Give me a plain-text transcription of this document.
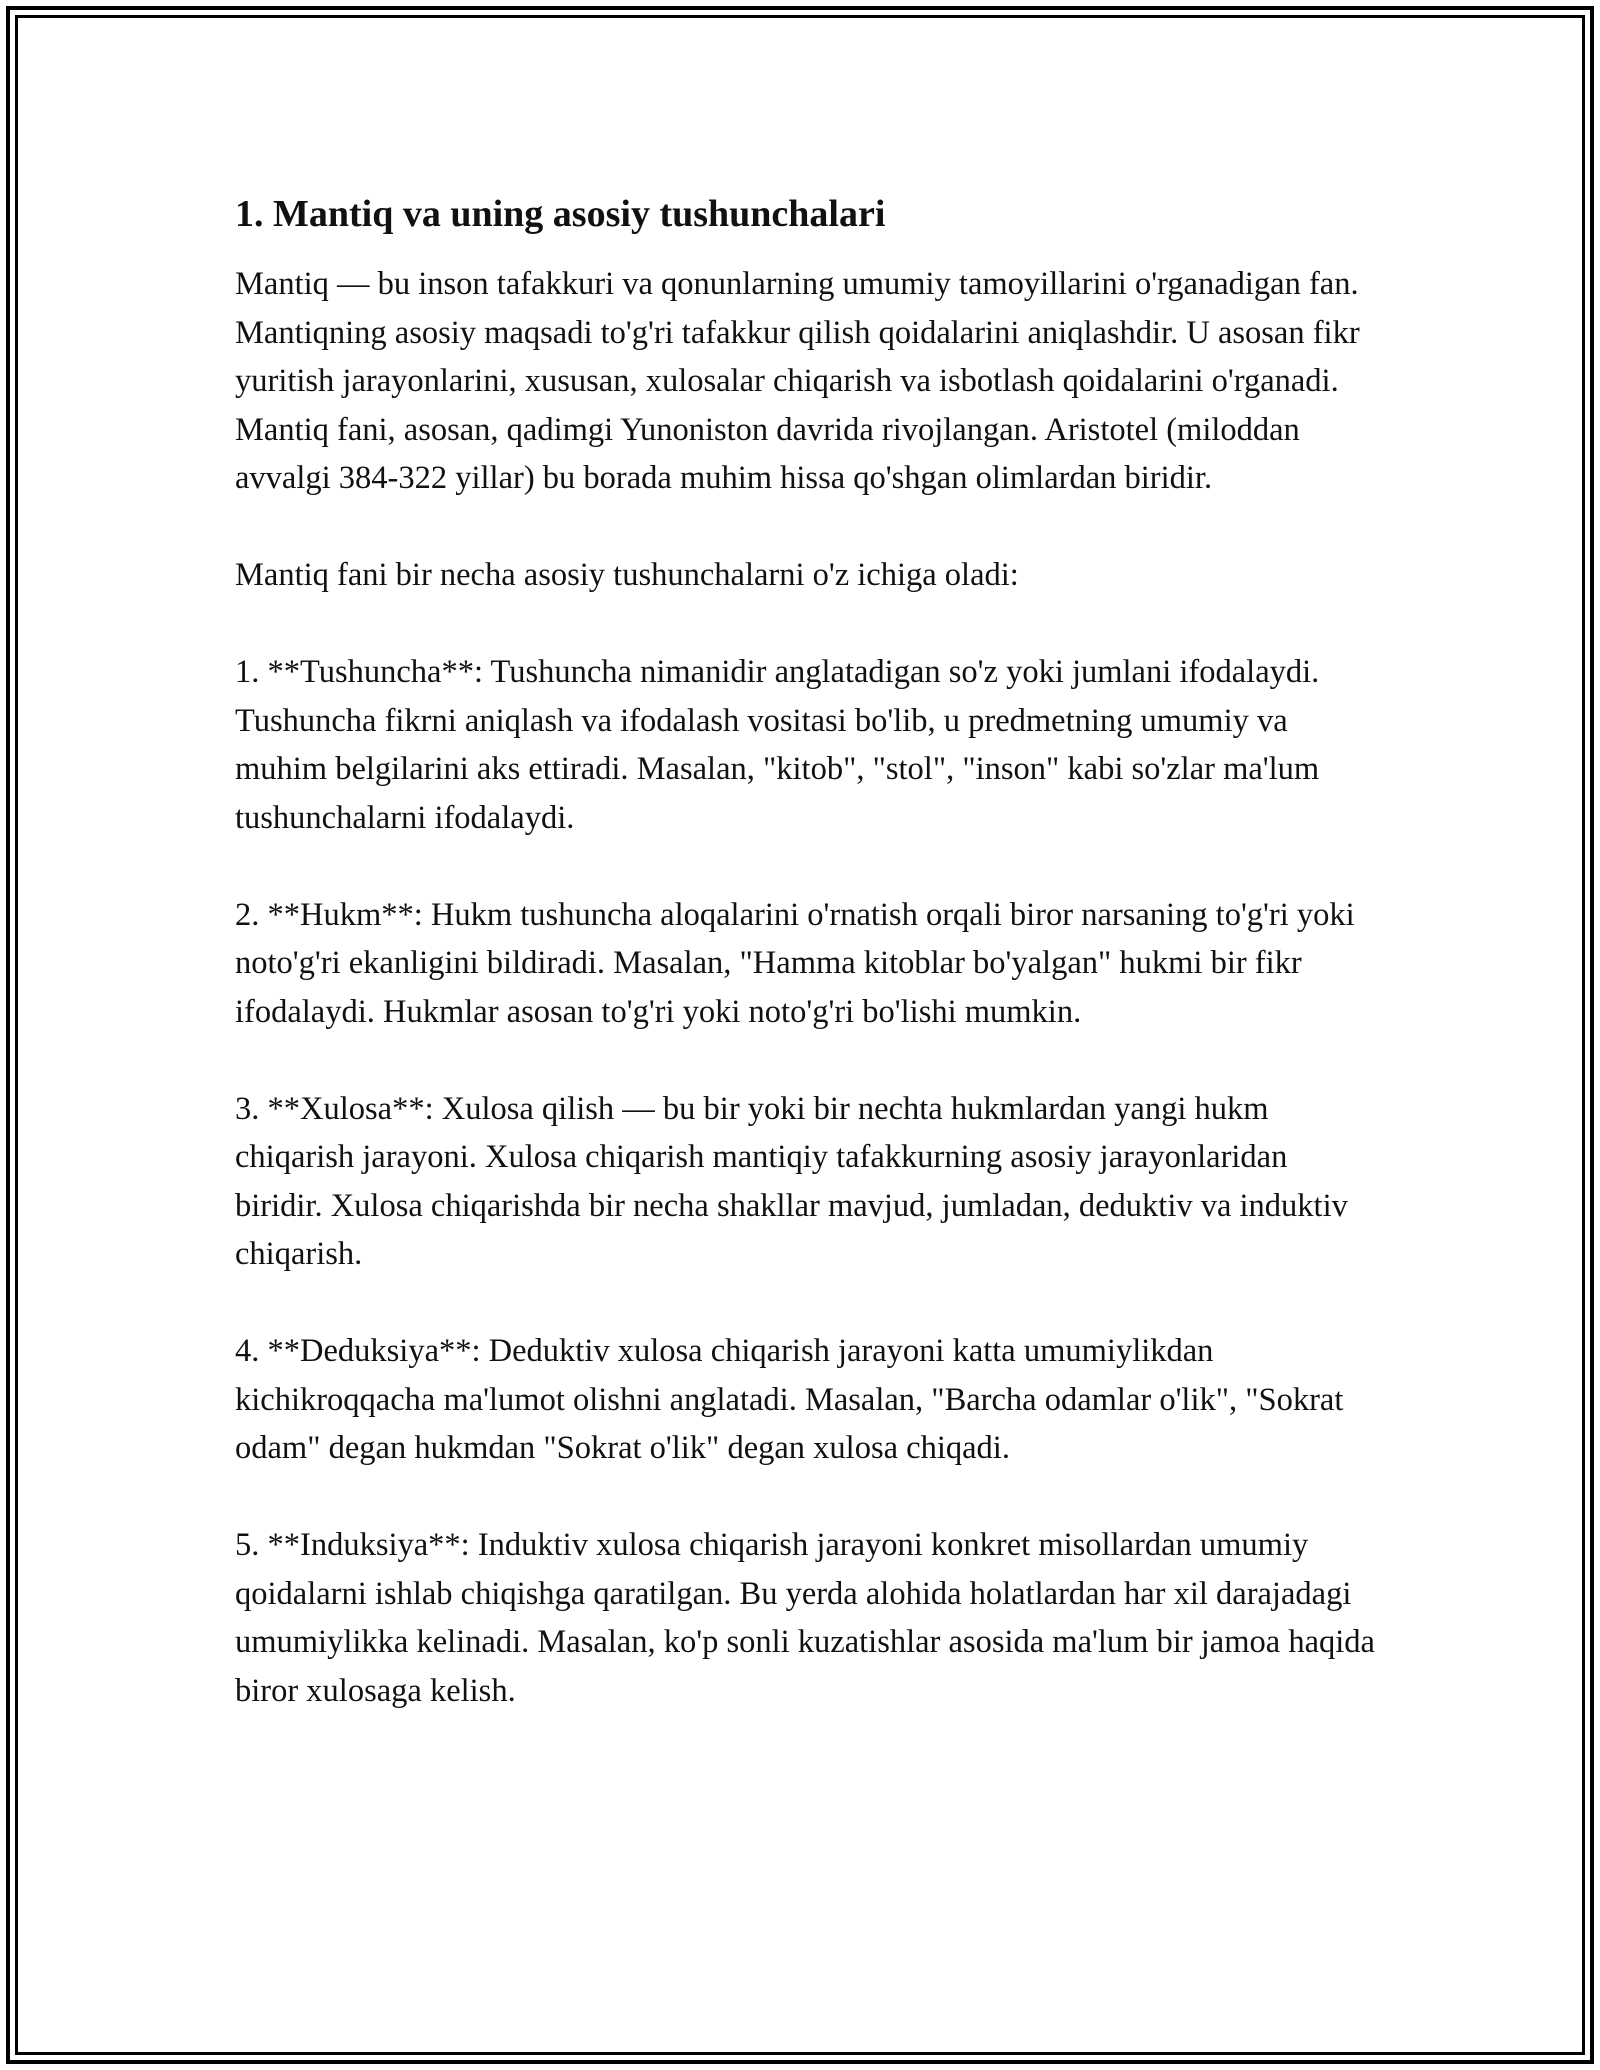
1. Mantiq va uning asosiy tushunchalari

Mantiq — bu inson tafakkuri va qonunlarning umumiy tamoyillarini o'rganadigan fan. Mantiqning asosiy maqsadi to'g'ri tafakkur qilish qoidalarini aniqlashdir. U asosan fikr yuritish jarayonlarini, xususan, xulosalar chiqarish va isbotlash qoidalarini o'rganadi. Mantiq fani, asosan, qadimgi Yunoniston davrida rivojlangan. Aristotel (miloddan avvalgi 384-322 yillar) bu borada muhim hissa qo'shgan olimlardan biridir.

Mantiq fani bir necha asosiy tushunchalarni o'z ichiga oladi:

1. **Tushuncha**: Tushuncha nimanidir anglatadigan so'z yoki jumlani ifodalaydi. Tushuncha fikrni aniqlash va ifodalash vositasi bo'lib, u predmetning umumiy va muhim belgilarini aks ettiradi. Masalan, "kitob", "stol", "inson" kabi so'zlar ma'lum tushunchalarni ifodalaydi.

2. **Hukm**: Hukm tushuncha aloqalarini o'rnatish orqali biror narsaning to'g'ri yoki noto'g'ri ekanligini bildiradi. Masalan, "Hamma kitoblar bo'yalgan" hukmi bir fikr ifodalaydi. Hukmlar asosan to'g'ri yoki noto'g'ri bo'lishi mumkin.

3. **Xulosa**: Xulosa qilish — bu bir yoki bir nechta hukmlardan yangi hukm chiqarish jarayoni. Xulosa chiqarish mantiqiy tafakkurning asosiy jarayonlaridan biridir. Xulosa chiqarishda bir necha shakllar mavjud, jumladan, deduktiv va induktiv chiqarish.

4. **Deduksiya**: Deduktiv xulosa chiqarish jarayoni katta umumiylikdan kichikroqqacha ma'lumot olishni anglatadi. Masalan, "Barcha odamlar o'lik", "Sokrat odam" degan hukmdan "Sokrat o'lik" degan xulosa chiqadi.

5. **Induksiya**: Induktiv xulosa chiqarish jarayoni konkret misollardan umumiy qoidalarni ishlab chiqishga qaratilgan. Bu yerda alohida holatlardan har xil darajadagi umumiylikka kelinadi. Masalan, ko'p sonli kuzatishlar asosida ma'lum bir jamoa haqida biror xulosaga kelish.
